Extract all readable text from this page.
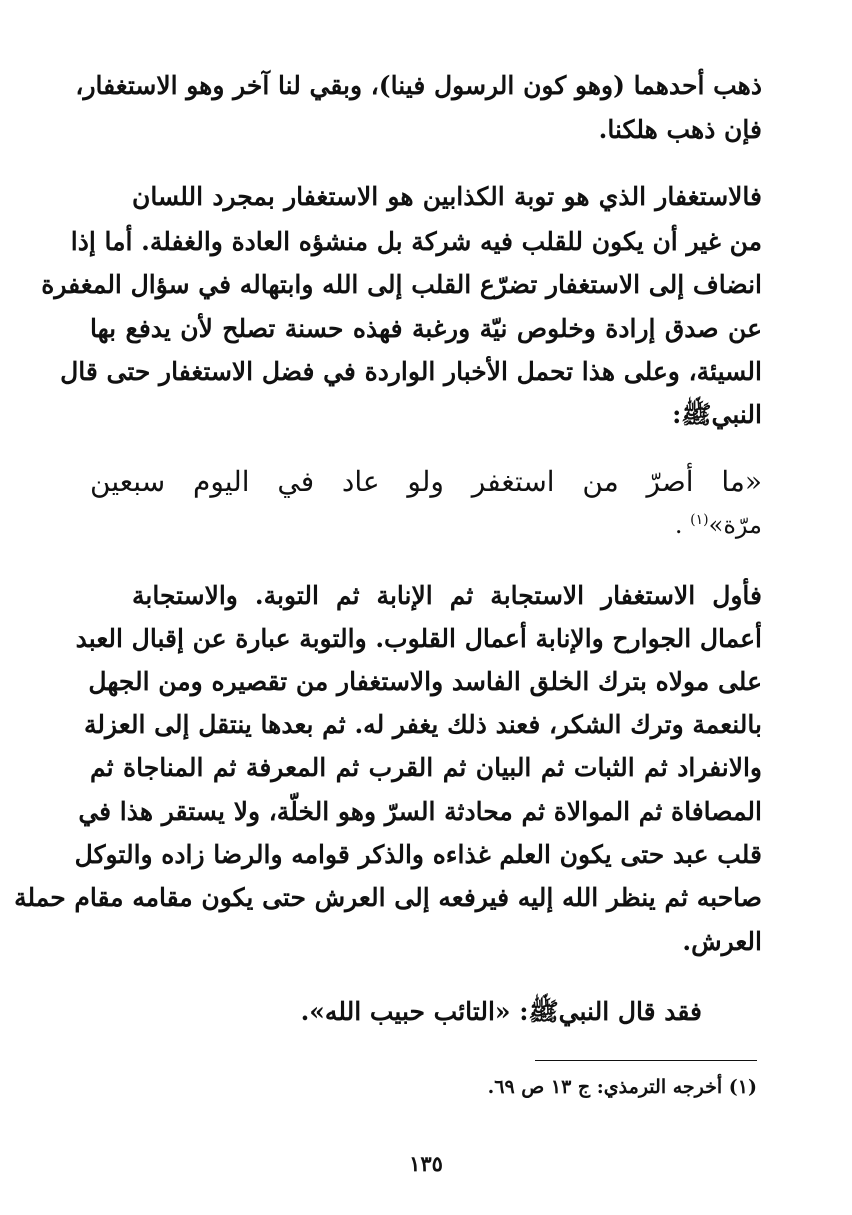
ذهب أحدهما (وهو كون الرسول فينا)، وبقي لنا آخر وهو الاستغفار،
فإن ذهب هلكنا.
فالاستغفار الذي هو توبة الكذابين هو الاستغفار بمجرد اللسان
من غير أن يكون للقلب فيه شركة بل منشؤه العادة والغفلة. أما إذا
انضاف إلى الاستغفار تضرّع القلب إلى الله وابتهاله في سؤال المغفرة
عن صدق إرادة وخلوص نيّة ورغبة فهذه حسنة تصلح لأن يدفع بها
السيئة، وعلى هذا تحمل الأخبار الواردة في فضل الاستغفار حتى قال
النبيﷺ:
«ما أصرّ من استغفر ولو عاد في اليوم سبعين
مرّة»$^{(١)}$ .
فأول الاستغفار الاستجابة ثم الإنابة ثم التوبة. والاستجابة
أعمال الجوارح والإنابة أعمال القلوب. والتوبة عبارة عن إقبال العبد
على مولاه بترك الخلق الفاسد والاستغفار من تقصيره ومن الجهل
بالنعمة وترك الشكر، فعند ذلك يغفر له. ثم بعدها ينتقل إلى العزلة
والانفراد ثم الثبات ثم البيان ثم القرب ثم المعرفة ثم المناجاة ثم
المصافاة ثم الموالاة ثم محادثة السرّ وهو الخلّة، ولا يستقر هذا في
قلب عبد حتى يكون العلم غذاءه والذكر قوامه والرضا زاده والتوكل
صاحبه ثم ينظر الله إليه فيرفعه إلى العرش حتى يكون مقامه مقام حملة
العرش.
فقد قال النبيﷺ: «التائب حبيب الله».
(١) أخرجه الترمذي: ج ١٣ ص ٦٩.
١٣٥
